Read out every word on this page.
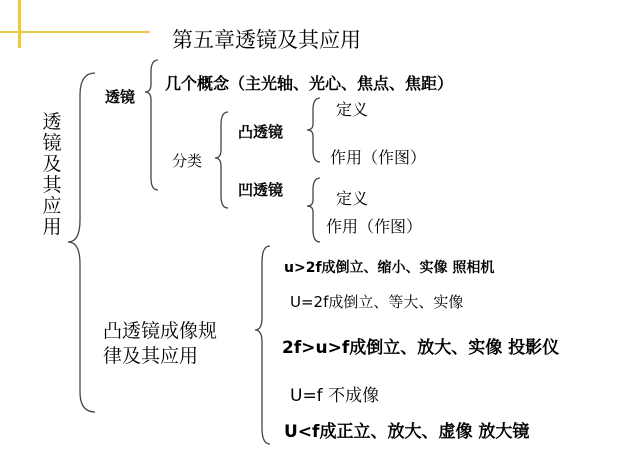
第五章透镜及其应用
透镜及其应用
透镜
几个概念（主光轴、光心、焦点、焦距）
分类
凸透镜
定义
作用（作图）
凹透镜	定义
作用（作图）
凸透镜成像规
律及其应用
u>2f成倒立、缩小、实像 照相机
U=2f成倒立、等大、实像
2f>u>f成倒立、放大、实像 投影仪
U=f 不成像
U<f成正立、放大、虚像 放大镜
